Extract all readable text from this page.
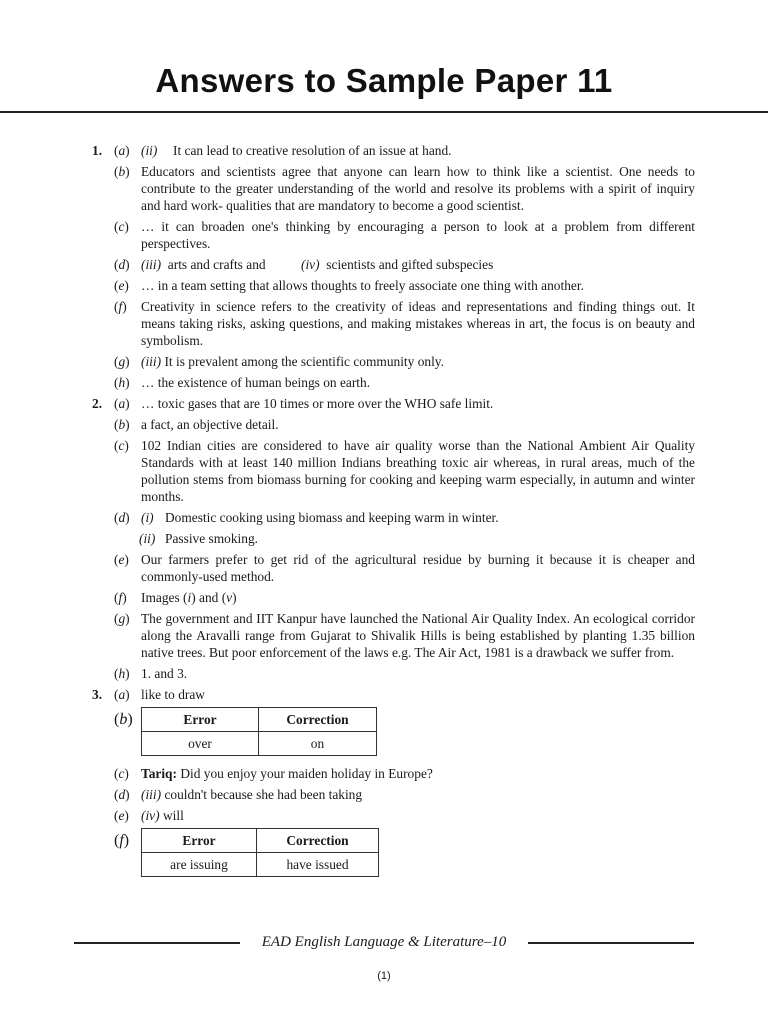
Answers to Sample Paper 11
1. (a) (ii) It can lead to creative resolution of an issue at hand.
(b) Educators and scientists agree that anyone can learn how to think like a scientist. One needs to contribute to the greater understanding of the world and resolve its problems with a spirit of inquiry and hard work- qualities that are mandatory to become a good scientist.
(c) … it can broaden one's thinking by encouraging a person to look at a problem from different perspectives.
(d) (iii) arts and crafts and	(iv) scientists and gifted subspecies
(e) … in a team setting that allows thoughts to freely associate one thing with another.
(f) Creativity in science refers to the creativity of ideas and representations and finding things out. It means taking risks, asking questions, and making mistakes whereas in art, the focus is on beauty and symbolism.
(g) (iii) It is prevalent among the scientific community only.
(h) … the existence of human beings on earth.
2. (a) … toxic gases that are 10 times or more over the WHO safe limit.
(b) a fact, an objective detail.
(c) 102 Indian cities are considered to have air quality worse than the National Ambient Air Quality Standards with at least 140 million Indians breathing toxic air whereas, in rural areas, much of the pollution stems from biomass burning for cooking and keeping warm especially, in autumn and winter months.
(d) (i) Domestic cooking using biomass and keeping warm in winter.
(ii) Passive smoking.
(e) Our farmers prefer to get rid of the agricultural residue by burning it because it is cheaper and commonly-used method.
(f) Images (i) and (v)
(g) The government and IIT Kanpur have launched the National Air Quality Index. An ecological corridor along the Aravalli range from Gujarat to Shivalik Hills is being established by planting 1.35 billion native trees. But poor enforcement of the laws e.g. The Air Act, 1981 is a drawback we suffer from.
(h) 1. and 3.
3. (a) like to draw
(b)	Error	Correction
over	on
(c) Tariq: Did you enjoy your maiden holiday in Europe?
(d) (iii) couldn't because she had been taking
(e) (iv) will
(f)	Error	Correction
are issuing	have issued
EAD English Language & Literature–10
(1)
